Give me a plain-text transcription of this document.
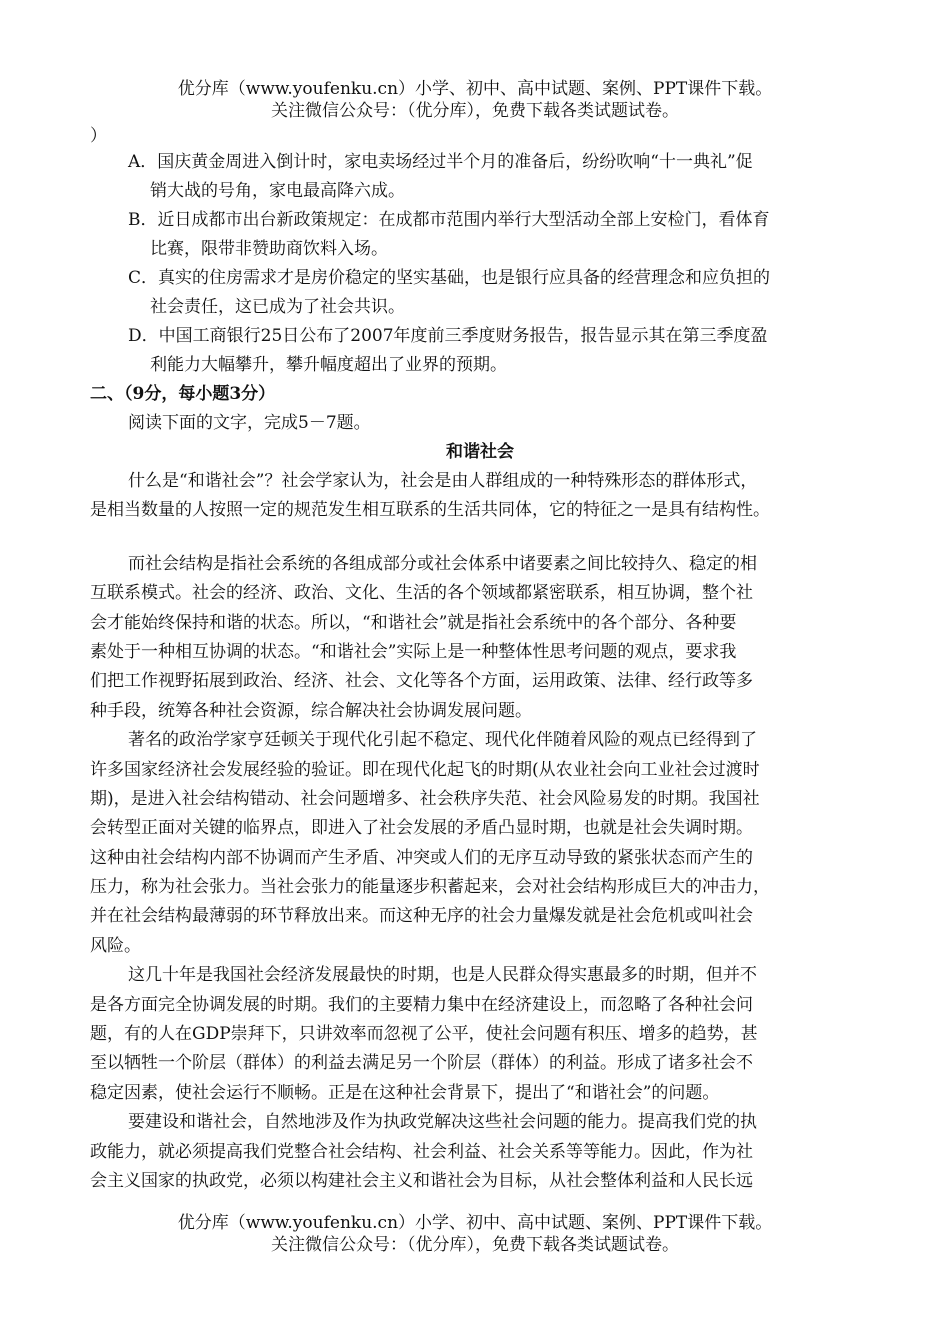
优分库（www.youfenku.cn）小学、初中、高中试题、案例、PPT课件下载。
关注微信公众号：（优分库），免费下载各类试题试卷。
）
A．国庆黄金周进入倒计时，家电卖场经过半个月的准备后，纷纷吹响“十一典礼”促
销大战的号角，家电最高降六成。
B．近日成都市出台新政策规定：在成都市范围内举行大型活动全部上安检门，看体育
比赛，限带非赞助商饮料入场。
C．真实的住房需求才是房价稳定的坚实基础，也是银行应具备的经营理念和应负担的
社会责任，这已成为了社会共识。
D．中国工商银行25日公布了2007年度前三季度财务报告，报告显示其在第三季度盈
利能力大幅攀升，攀升幅度超出了业界的预期。
二、（9分，每小题3分）
阅读下面的文字，完成5－7题。
和谐社会
什么是“和谐社会”？社会学家认为，社会是由人群组成的一种特殊形态的群体形式，
是相当数量的人按照一定的规范发生相互联系的生活共同体，它的特征之一是具有结构性。
而社会结构是指社会系统的各组成部分或社会体系中诸要素之间比较持久、稳定的相
互联系模式。社会的经济、政治、文化、生活的各个领域都紧密联系，相互协调，整个社
会才能始终保持和谐的状态。所以，“和谐社会”就是指社会系统中的各个部分、各种要
素处于一种相互协调的状态。“和谐社会”实际上是一种整体性思考问题的观点，要求我
们把工作视野拓展到政治、经济、社会、文化等各个方面，运用政策、法律、经行政等多
种手段，统筹各种社会资源，综合解决社会协调发展问题。
著名的政治学家亨廷顿关于现代化引起不稳定、现代化伴随着风险的观点已经得到了
许多国家经济社会发展经验的验证。即在现代化起飞的时期(从农业社会向工业社会过渡时
期)，是进入社会结构错动、社会问题增多、社会秩序失范、社会风险易发的时期。我国社
会转型正面对关键的临界点，即进入了社会发展的矛盾凸显时期，也就是社会失调时期。
这种由社会结构内部不协调而产生矛盾、冲突或人们的无序互动导致的紧张状态而产生的
压力，称为社会张力。当社会张力的能量逐步积蓄起来，会对社会结构形成巨大的冲击力，
并在社会结构最薄弱的环节释放出来。而这种无序的社会力量爆发就是社会危机或叫社会
风险。
这几十年是我国社会经济发展最快的时期，也是人民群众得实惠最多的时期，但并不
是各方面完全协调发展的时期。我们的主要精力集中在经济建设上，而忽略了各种社会问
题，有的人在GDP崇拜下，只讲效率而忽视了公平，使社会问题有积压、增多的趋势，甚
至以牺牲一个阶层（群体）的利益去满足另一个阶层（群体）的利益。形成了诸多社会不
稳定因素，使社会运行不顺畅。正是在这种社会背景下，提出了“和谐社会”的问题。
要建设和谐社会，自然地涉及作为执政党解决这些社会问题的能力。提高我们党的执
政能力，就必须提高我们党整合社会结构、社会利益、社会关系等等能力。因此，作为社
会主义国家的执政党，必须以构建社会主义和谐社会为目标，从社会整体利益和人民长远
优分库（www.youfenku.cn）小学、初中、高中试题、案例、PPT课件下载。
关注微信公众号：（优分库），免费下载各类试题试卷。
